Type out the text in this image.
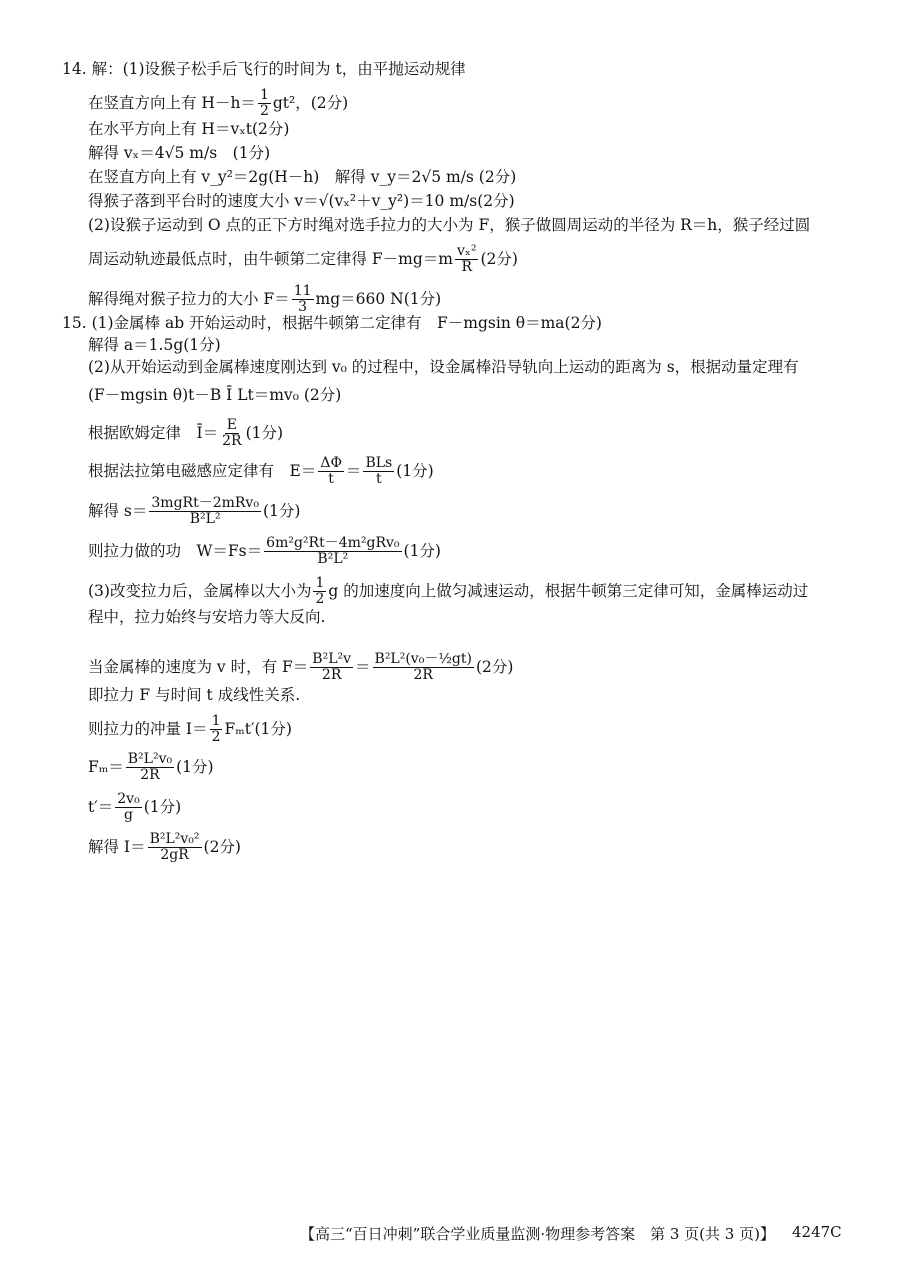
14. 解：(1)设猴子松手后飞行的时间为 t，由平抛运动规律
在竖直方向上有 $H-h= \frac{1}{2} gt^2$，(2分)
在水平方向上有 H＝vₓt(2分)
解得 vₓ＝4√5 m/s　(1分)
在竖直方向上有 v_y²＝2g(H－h)　解得 v_y＝2√5 m/s (2分)
得猴子落到平台时的速度大小 v＝√(vₓ²＋v_y²)＝10 m/s(2分)
(2)设猴子运动到 O 点的正下方时绳对选手拉力的大小为 F，猴子做圆周运动的半径为 R＝h，猴子经过圆
周运动轨迹最低点时，由牛顿第二定律得 $F-mg=m \frac{\text{vₓ²}}{R} (2$分)
解得绳对猴子拉力的大小 $F= \frac{11}{3} mg=660$ N(1分)
15. (1)金属棒 ab 开始运动时，根据牛顿第二定律有　F－mgsin θ＝ma(2分)
解得 a＝1.5g(1分)
(2)从开始运动到金属棒速度刚达到 v₀ 的过程中，设金属棒沿导轨向上运动的距离为 s，根据动量定理有
(F－mgsin θ)t－B Ī Lt＝mv₀ (2分)
根据欧姆定律　Ī＝ $\frac{E}{2R} (1$分)
根据法拉第电磁感应定律有　$E= \frac{\Delta\Phi}{t} = \frac{\text{BLs}}{t} (1$分)
解得 $s= \frac{\text{3mgRt－2mRv₀}}{\text{B²L²}} (1$分)
则拉力做的功　$W=Fs= \frac{\text{6m²g²Rt－4m²gRv₀}}{\text{B²L²}} (1$分)
(3)改变拉力后，金属棒以大小为 $\frac{1}{2}$ g 的加速度向上做匀减速运动，根据牛顿第三定律可知，金属棒运动过
程中，拉力始终与安培力等大反向.
当金属棒的速度为 v 时，有 $F= \frac{\text{B²L²v}}{2R} = \frac{\text{B²L²(v₀－½gt)}}{2R} (2$分)
即拉力 F 与时间 t 成线性关系.
则拉力的冲量 $I= \frac{1}{2} F_mt'(1$分)
$F_m= \frac{\text{B²L²v₀}}{2R} (1$分)
$t'= \frac{\text{2v₀}}{g} (1$分)
解得 $I= \frac{\text{B²L²v₀²}}{2gR} (2$分)
【高三“百日冲刺”联合学业质量监测·物理参考答案　第 3 页(共 3 页)】 4247C
